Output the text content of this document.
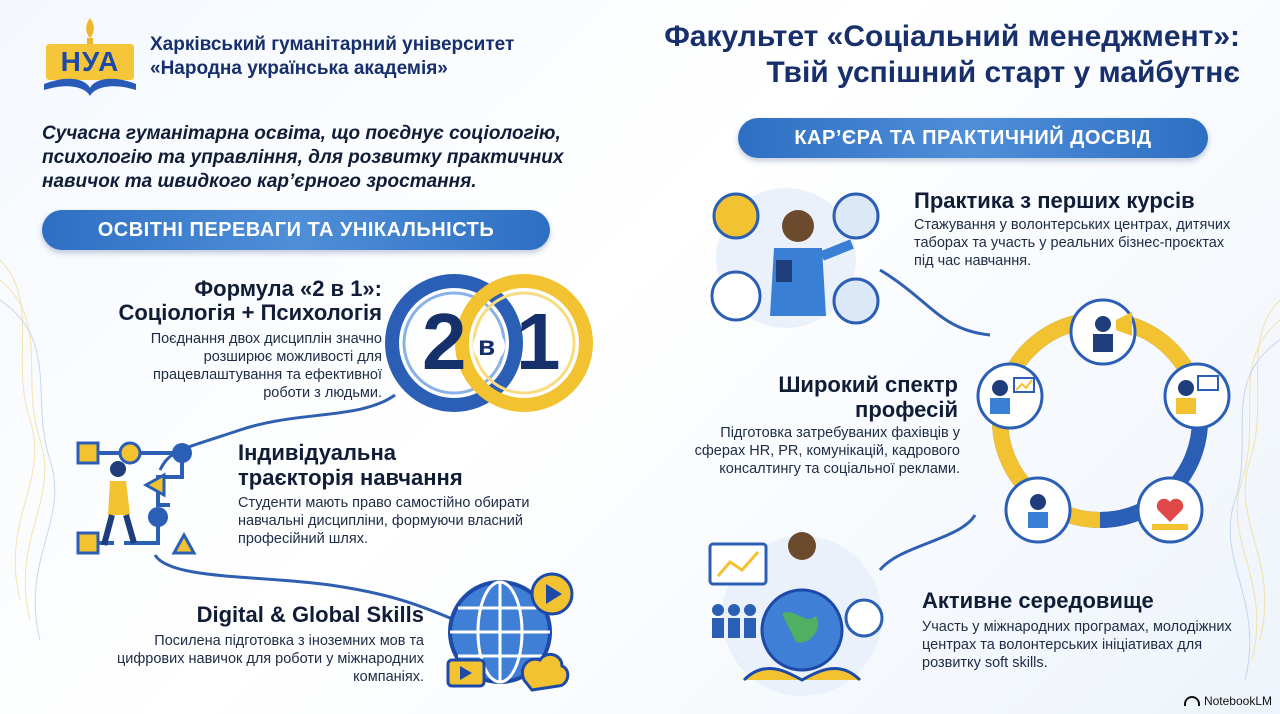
НУА
Харківський гуманітарний університет
«Народна українська академія»
Факультет «Соціальний менеджмент»:
Твій успішний старт у майбутнє
Сучасна гуманітарна освіта, що поєднує соціологію, психологію та управління, для розвитку практичних навичок та швидкого кар’єрного зростання.
ОСВІТНІ ПЕРЕВАГИ ТА УНІКАЛЬНІСТЬ
Формула «2 в 1»:
Соціологія + Психологія
Поєднання двох дисциплін значно розширює можливості для працевлаштування та ефективної роботи з людьми.
2 в 1
Індивідуальна
траєкторія навчання
Студенти мають право самостійно обирати навчальні дисципліни, формуючи власний професійний шлях.
Digital & Global Skills
Посилена підготовка з іноземних мов та цифрових навичок для роботи у міжнародних компаніях.
КАР’ЄРА ТА ПРАКТИЧНИЙ ДОСВІД
Практика з перших курсів
Стажування у волонтерських центрах, дитячих таборах та участь у реальних бізнес-проєктах під час навчання.
Широкий спектр
професій
Підготовка затребуваних фахівців у сферах HR, PR, комунікацій, кадрового консалтингу та соціальної реклами.
Активне середовище
Участь у міжнародних програмах, молодіжних центрах та волонтерських ініціативах для розвитку soft skills.
NotebookLM
